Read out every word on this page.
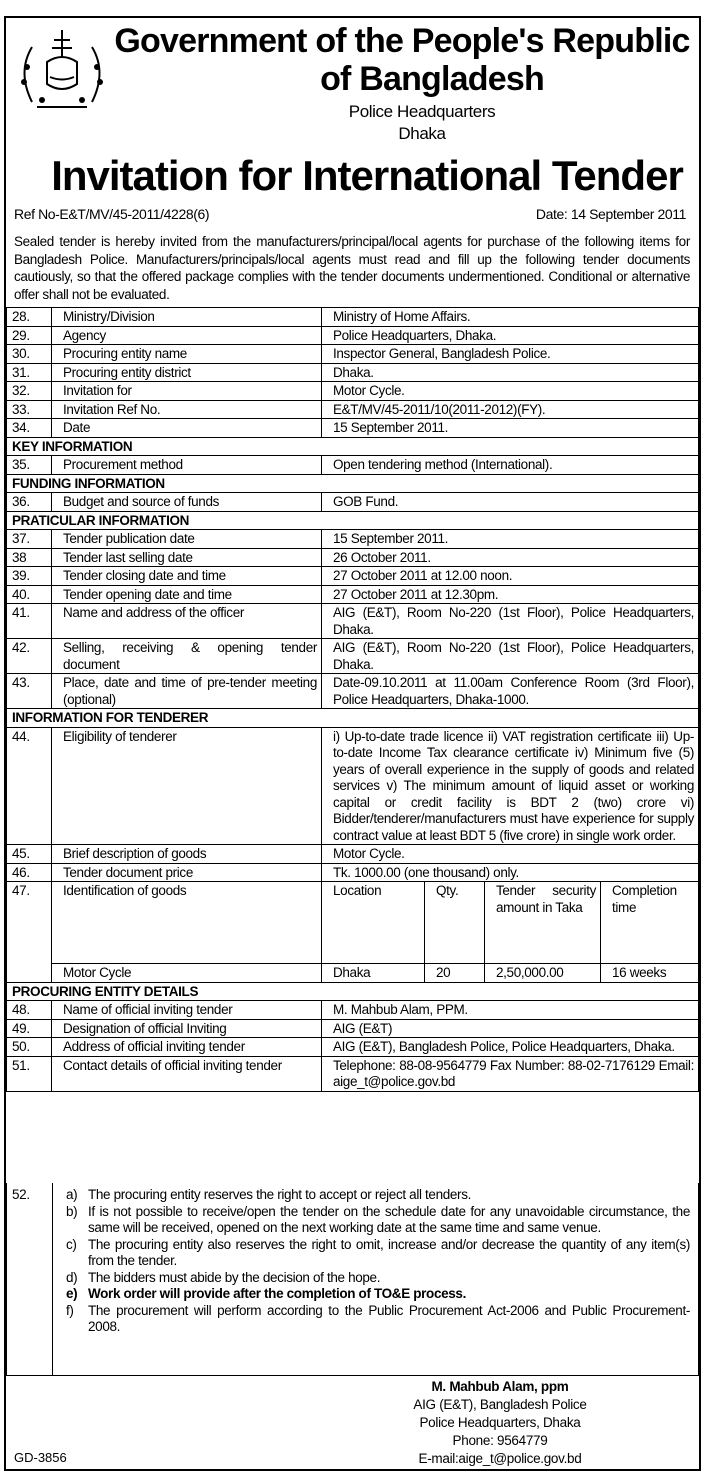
Government of the People's Republic
of Bangladesh
Police Headquarters
Dhaka
Invitation for International Tender
Ref No-E&T/MV/45-2011/4228(6)	Date: 14 September 2011
Sealed tender is hereby invited from the manufacturers/principal/local agents for purchase of the following items for Bangladesh Police. Manufacturers/principals/local agents must read and fill up the following tender documents cautiously, so that the offered package complies with the tender documents undermentioned. Conditional or alternative offer shall not be evaluated.
28.	Ministry/Division	Ministry of Home Affairs.			
29.	Agency	Police Headquarters, Dhaka.			
30.	Procuring entity name	Inspector General, Bangladesh Police.			
31.	Procuring entity district	Dhaka.			
32.	Invitation for	Motor Cycle.			
33.	Invitation Ref No.	E&T/MV/45-2011/10(2011-2012)(FY).			
34.	Date	15 September 2011.			
KEY INFORMATION					
35.	Procurement method	Open tendering method (International).			
FUNDING INFORMATION					
36.	Budget and source of funds	GOB Fund.			
PRATICULAR INFORMATION					
37.	Tender publication date	15 September 2011.			
38	Tender last selling date	26 October 2011.			
39.	Tender closing date and time	27 October 2011 at 12.00 noon.			
40.	Tender opening date and time	27 October 2011 at 12.30pm.			
41.	Name and address of the officer	AIG (E&T), Room No-220 (1st Floor), Police Headquarters, Dhaka.			
42.	Selling, receiving & opening tender document	AIG (E&T), Room No-220 (1st Floor), Police Headquarters, Dhaka.			
43.	Place, date and time of pre-tender meeting (optional)	Date-09.10.2011 at 11.00am Conference Room (3rd Floor), Police Headquarters, Dhaka-1000.			
INFORMATION FOR TENDERER					
44.	Eligibility of tenderer	i) Up-to-date trade licence ii) VAT registration certificate iii) Up-to-date Income Tax clearance certificate iv) Minimum five (5) years of overall experience in the supply of goods and related services v) The minimum amount of liquid asset or working capital or credit facility is BDT 2 (two) crore vi) Bidder/tenderer/manufacturers must have experience for supply contract value at least BDT 5 (five crore) in single work order.			
45.	Brief description of goods	Motor Cycle.			
46.	Tender document price	Tk. 1000.00 (one thousand) only.			
47.	Identification of goods	Location	Qty.	Tender security amount in Taka	Completion time
	Motor Cycle	Dhaka	20	2,50,000.00	16 weeks
PROCURING ENTITY DETAILS					
48.	Name of official inviting tender	M. Mahbub Alam, PPM.			
49.	Designation of official Inviting	AIG (E&T)			
50.	Address of official inviting tender	AIG (E&T), Bangladesh Police, Police Headquarters, Dhaka.			
51.	Contact details of official inviting tender	Telephone: 88-08-9564779 Fax Number: 88-02-7176129 Email: aige_t@police.gov.bd			
52.	a) The procuring entity reserves the right to accept or reject all tenders.
b) If is not possible to receive/open the tender on the schedule date for any unavoidable circumstance, the same will be received, opened on the next working date at the same time and same venue.
c) The procuring entity also reserves the right to omit, increase and/or decrease the quantity of any item(s) from the tender.
d) The bidders must abide by the decision of the hope.
e) Work order will provide after the completion of TO&E process.
f) The procurement will perform according to the Public Procurement Act-2006 and Public Procurement-2008.
M. Mahbub Alam, ppm
AIG (E&T), Bangladesh Police
Police Headquarters, Dhaka
Phone: 9564779
E-mail:aige_t@police.gov.bd
GD-3856
